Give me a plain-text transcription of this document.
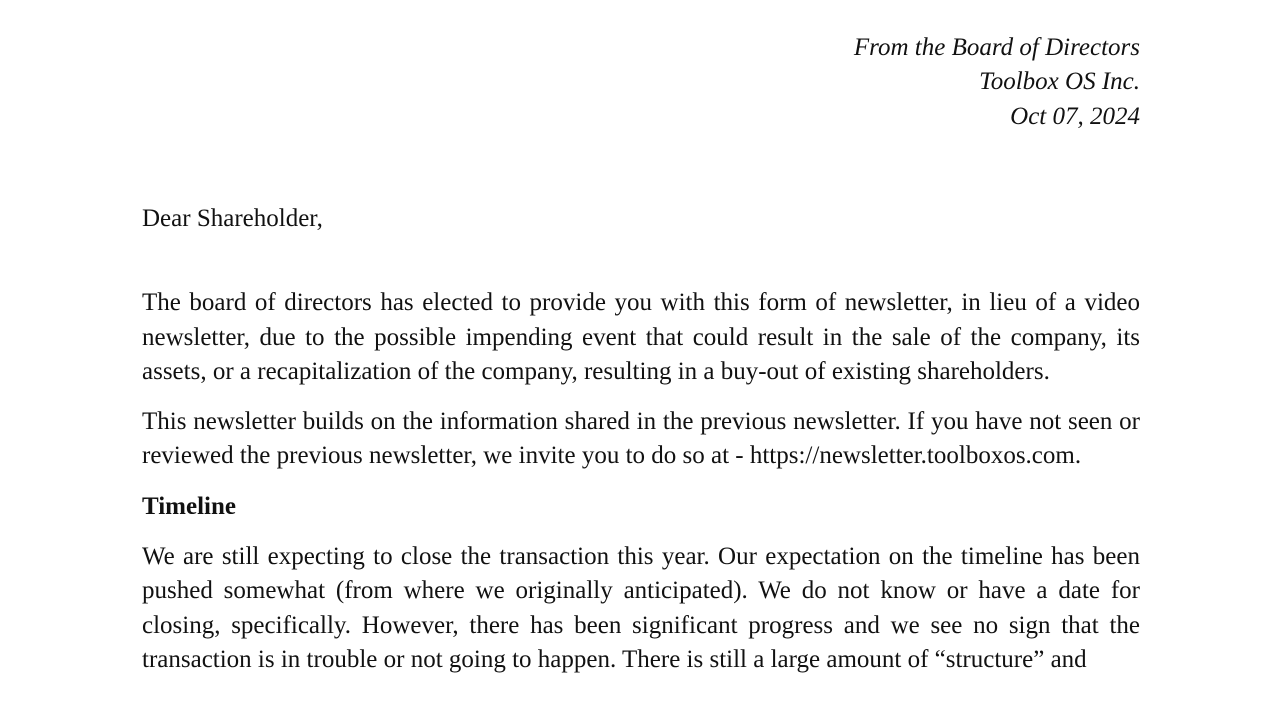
From the Board of Directors
Toolbox OS Inc.
Oct 07, 2024

Dear Shareholder,

The board of directors has elected to provide you with this form of newsletter, in lieu of a video newsletter, due to the possible impending event that could result in the sale of the company, its assets, or a recapitalization of the company, resulting in a buy-out of existing shareholders.

This newsletter builds on the information shared in the previous newsletter. If you have not seen or reviewed the previous newsletter, we invite you to do so at - https://newsletter.toolboxos.com.

Timeline

We are still expecting to close the transaction this year. Our expectation on the timeline has been pushed somewhat (from where we originally anticipated). We do not know or have a date for closing, specifically. However, there has been significant progress and we see no sign that the transaction is in trouble or not going to happen. There is still a large amount of “structure” and
